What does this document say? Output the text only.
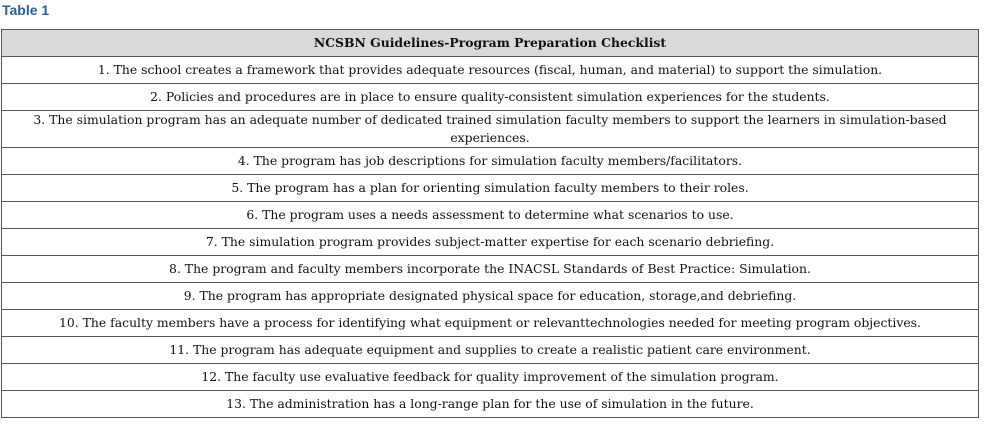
Table 1
NCSBN Guidelines-Program Preparation Checklist
1. The school creates a framework that provides adequate resources (fiscal, human, and material) to support the simulation.
2. Policies and procedures are in place to ensure quality-consistent simulation experiences for the students.
3. The simulation program has an adequate number of dedicated trained simulation faculty members to support the learners in simulation-based experiences.
4. The program has job descriptions for simulation faculty members/facilitators.
5. The program has a plan for orienting simulation faculty members to their roles.
6. The program uses a needs assessment to determine what scenarios to use.
7. The simulation program provides subject-matter expertise for each scenario debriefing.
8. The program and faculty members incorporate the INACSL Standards of Best Practice: Simulation.
9. The program has appropriate designated physical space for education, storage,and debriefing.
10. The faculty members have a process for identifying what equipment or relevanttechnologies needed for meeting program objectives.
11. The program has adequate equipment and supplies to create a realistic patient care environment.
12. The faculty use evaluative feedback for quality improvement of the simulation program.
13. The administration has a long-range plan for the use of simulation in the future.
